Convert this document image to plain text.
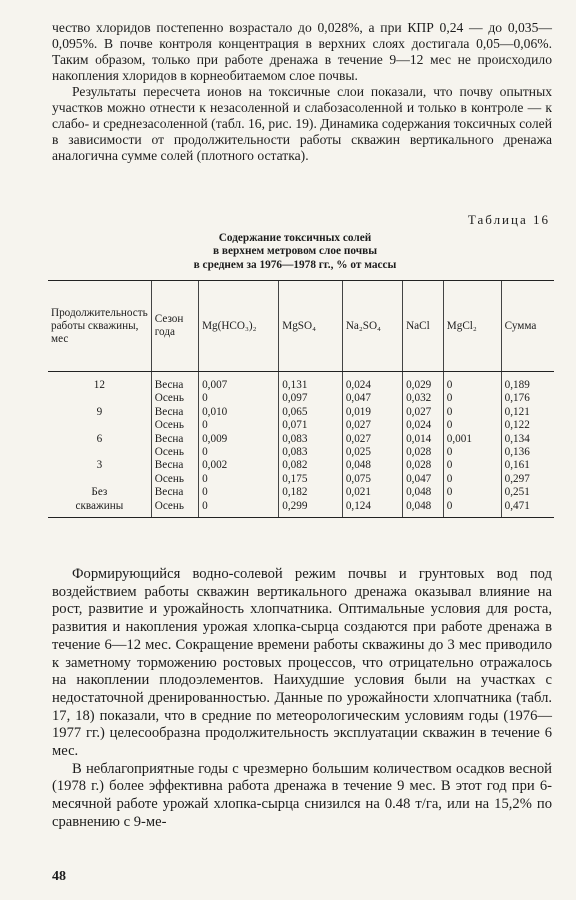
чество хлоридов постепенно возрастало до 0,028%, а при КПР 0,24 — до 0,035—0,095%. В почве контроля концентрация в верхних слоях достигала 0,05—0,06%. Таким образом, только при работе дренажа в течение 9—12 мес не происходило накопления хлоридов в корнеобитаемом слое почвы.

Результаты пересчета ионов на токсичные слои показали, что почву опытных участков можно отнести к незасоленной и слабозасоленной и только в контроле — к слабо- и среднезасоленной (табл. 16, рис. 19). Динамика содержания токсичных солей в зависимости от продолжительности работы скважин вертикального дренажа аналогична сумме солей (плотного остатка).

Таблица 16
Содержание токсичных солей
в верхнем метровом слое почвы
в среднем за 1976—1978 гг., % от массы
Продолжительность работы скважины, мес	Сезон года	Mg(HCO₃)₂	MgSO₄	Na₂SO₄	NaCl	MgCl₂	Сумма
12	Весна	0,007	0,131	0,024	0,029	0	0,189
	Осень	0	0,097	0,047	0,032	0	0,176
9	Весна	0,010	0,065	0,019	0,027	0	0,121
	Осень	0	0,071	0,027	0,024	0	0,122
6	Весна	0,009	0,083	0,027	0,014	0,001	0,134
	Осень	0	0,083	0,025	0,028	0	0,136
3	Весна	0,002	0,082	0,048	0,028	0	0,161
	Осень	0	0,175	0,075	0,047	0	0,297
Без	Весна	0	0,182	0,021	0,048	0	0,251
скважины	Осень	0	0,299	0,124	0,048	0	0,471

Формирующийся водно-солевой режим почвы и грунтовых вод под воздействием работы скважин вертикального дренажа оказывал влияние на рост, развитие и урожайность хлопчатника. Оптимальные условия для роста, развития и накопления урожая хлопка-сырца создаются при работе дренажа в течение 6—12 мес. Сокращение времени работы скважины до 3 мес приводило к заметному торможению ростовых процессов, что отрицательно отражалось на накоплении плодоэлементов. Наихудшие условия были на участках с недостаточной дренированностью. Данные по урожайности хлопчатника (табл. 17, 18) показали, что в средние по метеорологическим условиям годы (1976—1977 гг.) целесообразна продолжительность эксплуатации скважин в течение 6 мес.

В неблагоприятные годы с чрезмерно большим количеством осадков весной (1978 г.) более эффективна работа дренажа в течение 9 мес. В этот год при 6-месячной работе урожай хлопка-сырца снизился на 0.48 т/га, или на 15,2% по сравнению с 9-ме-

48
